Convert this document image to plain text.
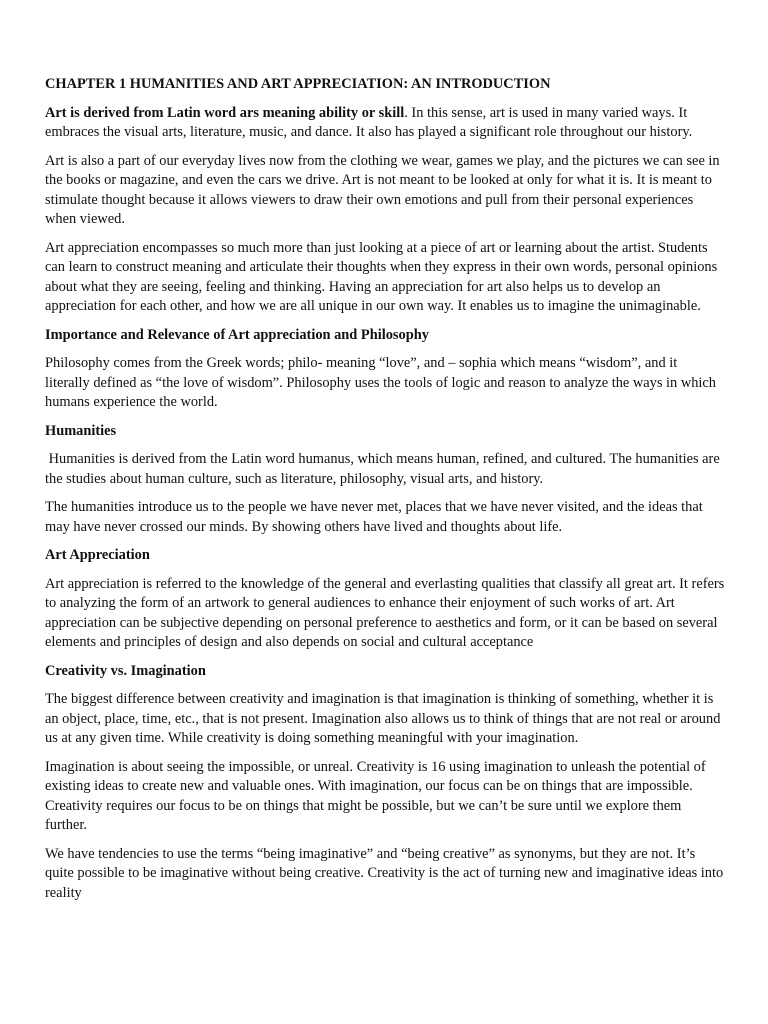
CHAPTER 1 HUMANITIES AND ART APPRECIATION: AN INTRODUCTION

Art is derived from Latin word ars meaning ability or skill. In this sense, art is used in many varied ways. It embraces the visual arts, literature, music, and dance. It also has played a significant role throughout our history.

Art is also a part of our everyday lives now from the clothing we wear, games we play, and the pictures we can see in the books or magazine, and even the cars we drive. Art is not meant to be looked at only for what it is. It is meant to stimulate thought because it allows viewers to draw their own emotions and pull from their personal experiences when viewed.

Art appreciation encompasses so much more than just looking at a piece of art or learning about the artist. Students can learn to construct meaning and articulate their thoughts when they express in their own words, personal opinions about what they are seeing, feeling and thinking. Having an appreciation for art also helps us to develop an appreciation for each other, and how we are all unique in our own way. It enables us to imagine the unimaginable.

Importance and Relevance of Art appreciation and Philosophy

Philosophy comes from the Greek words; philo- meaning “love”, and – sophia which means “wisdom”, and it literally defined as “the love of wisdom”. Philosophy uses the tools of logic and reason to analyze the ways in which humans experience the world.

Humanities

Humanities is derived from the Latin word humanus, which means human, refined, and cultured. The humanities are the studies about human culture, such as literature, philosophy, visual arts, and history.

The humanities introduce us to the people we have never met, places that we have never visited, and the ideas that may have never crossed our minds. By showing others have lived and thoughts about life.

Art Appreciation

Art appreciation is referred to the knowledge of the general and everlasting qualities that classify all great art. It refers to analyzing the form of an artwork to general audiences to enhance their enjoyment of such works of art. Art appreciation can be subjective depending on personal preference to aesthetics and form, or it can be based on several elements and principles of design and also depends on social and cultural acceptance

Creativity vs. Imagination

The biggest difference between creativity and imagination is that imagination is thinking of something, whether it is an object, place, time, etc., that is not present. Imagination also allows us to think of things that are not real or around us at any given time. While creativity is doing something meaningful with your imagination.

Imagination is about seeing the impossible, or unreal. Creativity is 16 using imagination to unleash the potential of existing ideas to create new and valuable ones. With imagination, our focus can be on things that are impossible. Creativity requires our focus to be on things that might be possible, but we can’t be sure until we explore them further.

We have tendencies to use the terms “being imaginative” and “being creative” as synonyms, but they are not. It’s quite possible to be imaginative without being creative. Creativity is the act of turning new and imaginative ideas into reality
